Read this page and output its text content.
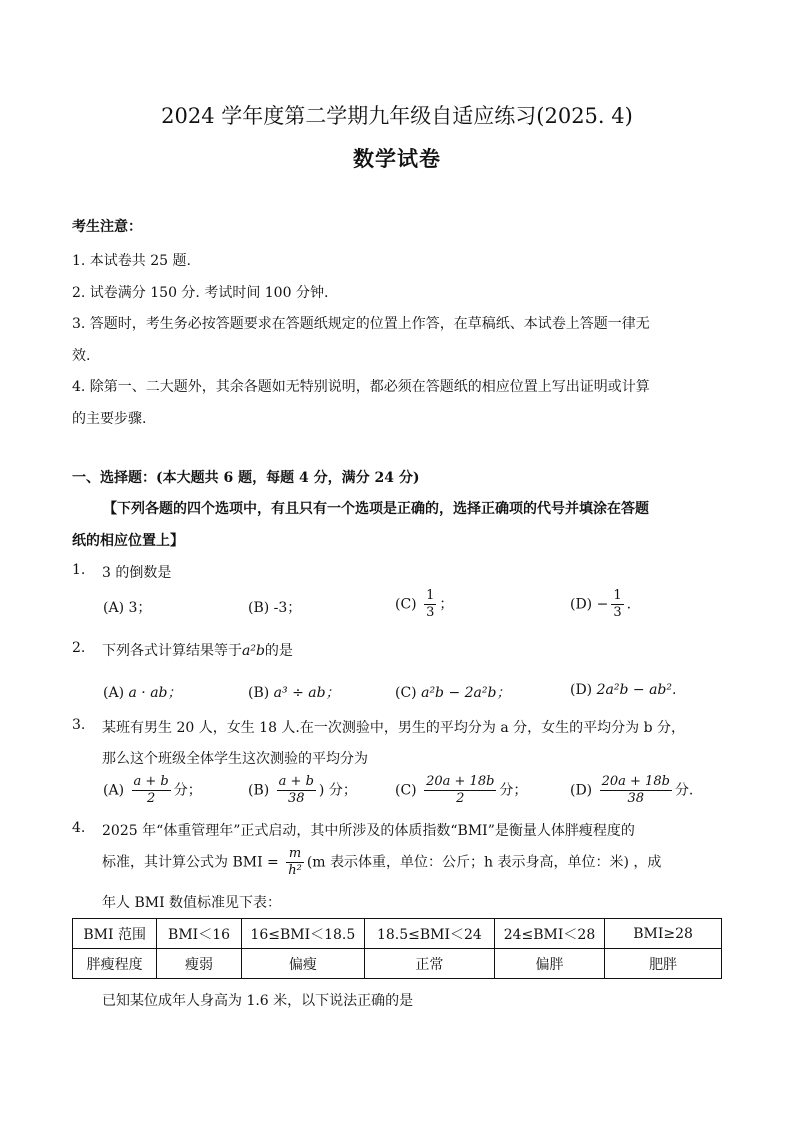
2024 学年度第二学期九年级自适应练习(2025. 4)
数学试卷
考生注意：
1. 本试卷共 25 题.
2. 试卷满分 150 分. 考试时间 100 分钟.
3. 答题时，考生务必按答题要求在答题纸规定的位置上作答，在草稿纸、本试卷上答题一律无
效.
4. 除第一、二大题外，其余各题如无特别说明，都必须在答题纸的相应位置上写出证明或计算
的主要步骤.
一、选择题：(本大题共 6 题，每题 4 分，满分 24 分)
【下列各题的四个选项中，有且只有一个选项是正确的，选择正确项的代号并填涂在答题
纸的相应位置上】
1. 3 的倒数是
(A) 3；	(B) -3；	$(C) \frac{1}{3}$ ；	$(D) - \frac{1}{3}$ .
2. 下列各式计算结果等于a²b的是
(A) a · ab；	(B) a³ ÷ ab；	(C) a²b − 2a²b；	(D) 2a²b − ab².
3. 某班有男生 20 人，女生 18 人.在一次测验中，男生的平均分为 a 分，女生的平均分为 b 分，
那么这个班级全体学生这次测验的平均分为
$(A) \frac{a + b}{2}$ 分；	$(B) \frac{a + b}{38}$ ) 分；	$(C) \frac{20a + 18b}{2}$ 分；	$(D) \frac{20a + 18b}{38}$ 分.
4. 2025 年“体重管理年”正式启动，其中所涉及的体质指数“BMI”是衡量人体胖瘦程度的
标准，其计算公式为 BMI = $\frac{m}{\text{h²}} (m$ 表示体重，单位：公斤；h 表示身高，单位：米) ，成
年人 BMI 数值标准见下表：
BMI 范围	BMI＜16	16≤BMI＜18.5	18.5≤BMI＜24	24≤BMI＜28	BMI≥28
胖瘦程度	瘦弱	偏瘦	正常	偏胖	肥胖
已知某位成年人身高为 1.6 米，以下说法正确的是
